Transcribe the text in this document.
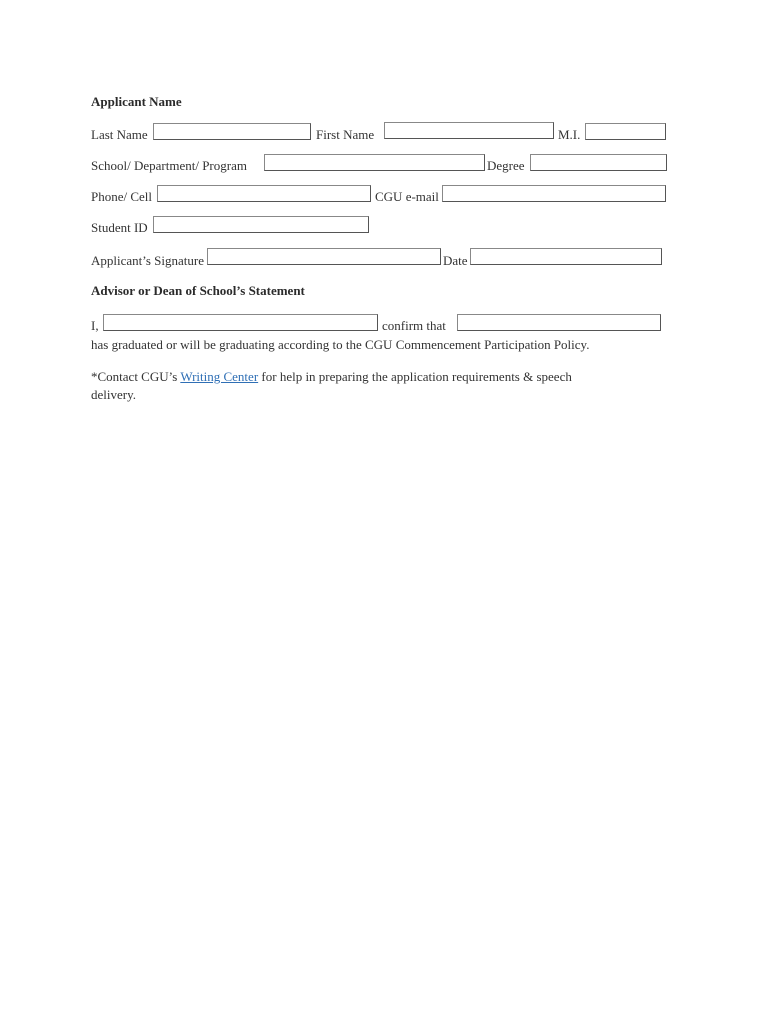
Applicant Name
Last Name	First Name	M.I.
School/ Department/ Program	Degree
Phone/ Cell	CGU e-mail
Student ID
Applicant’s Signature	Date
Advisor or Dean of School’s Statement
I,	confirm that
has graduated or will be graduating according to the CGU Commencement Participation Policy.
*Contact CGU’s Writing Center for help in preparing the application requirements & speech
delivery.
